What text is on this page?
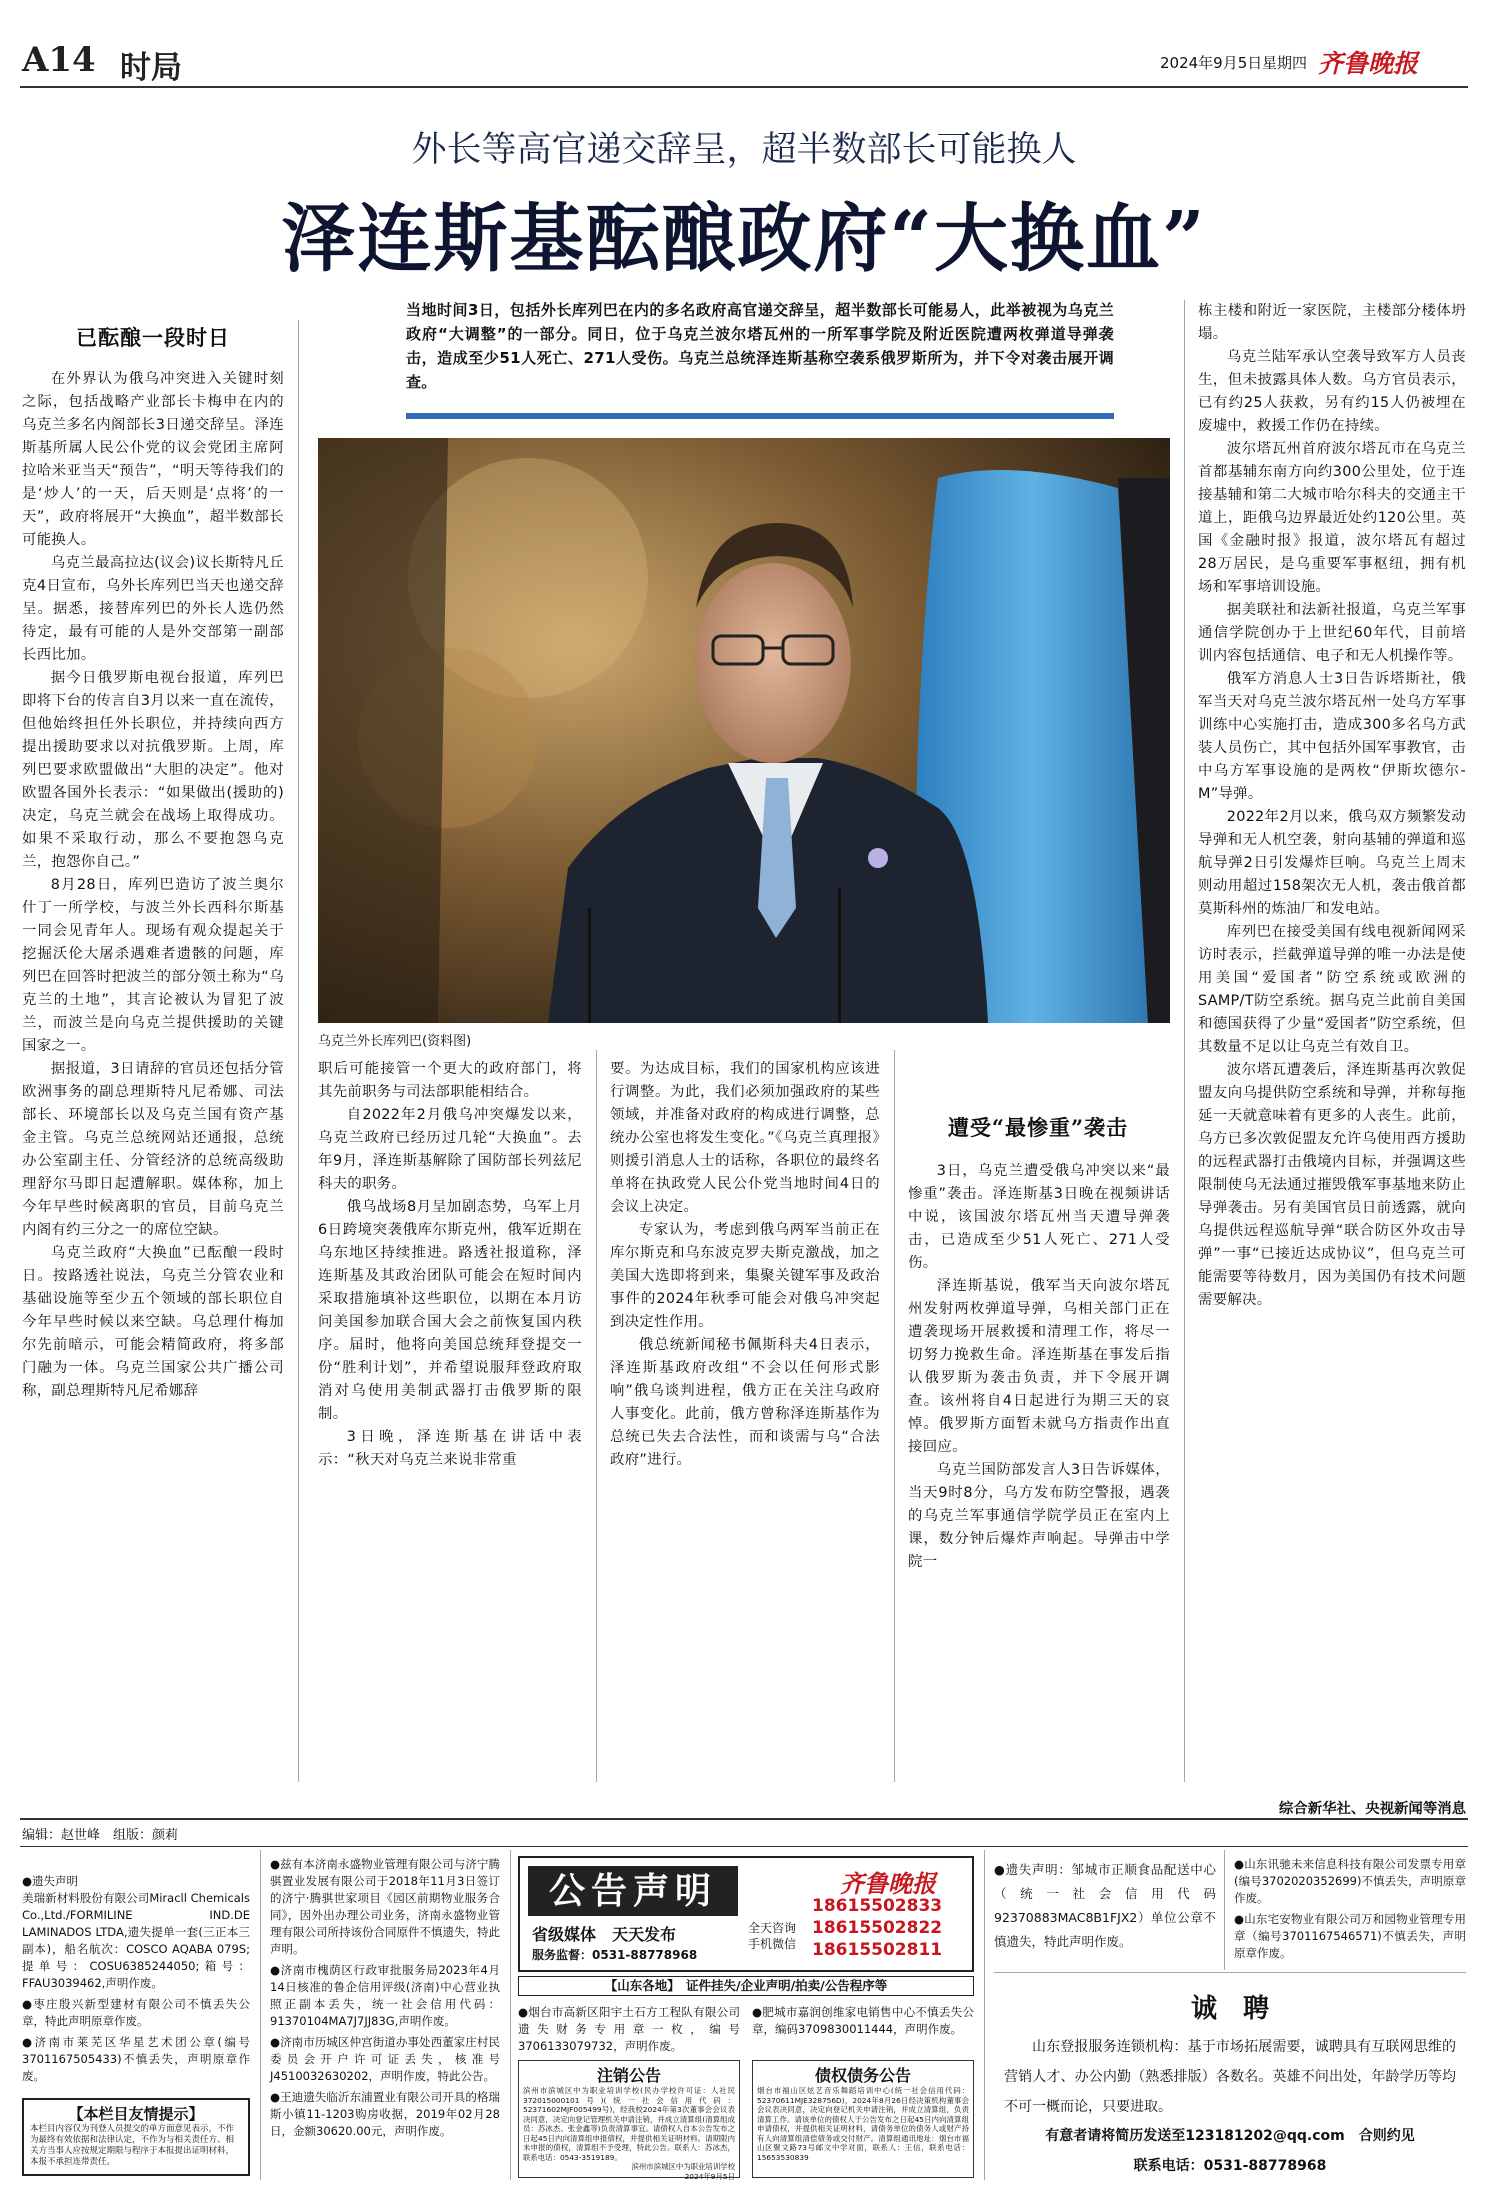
A14 时局	2024年9月5日 星期四 齐鲁晚报
外长等高官递交辞呈，超半数部长可能换人
泽连斯基酝酿政府“大换血”
当地时间3日，包括外长库列巴在内的多名政府高官递交辞呈，超半数部长可能易人，此举被视为乌克兰政府“大调整”的一部分。同日，位于乌克兰波尔塔瓦州的一所军事学院及附近医院遭两枚弹道导弹袭击，造成至少51人死亡、271人受伤。乌克兰总统泽连斯基称空袭系俄罗斯所为，并下令对袭击展开调查。
乌克兰外长库列巴(资料图)
已酝酿一段时日

在外界认为俄乌冲突进入关键时刻之际，包括战略产业部长卡梅申在内的乌克兰多名内阁部长3日递交辞呈。泽连斯基所属人民公仆党的议会党团主席阿拉哈米亚当天“预告”，“明天等待我们的是‘炒人’的一天，后天则是‘点将’的一天”，政府将展开“大换血”，超半数部长可能换人。

乌克兰最高拉达(议会)议长斯特凡丘克4日宣布，乌外长库列巴当天也递交辞呈。据悉，接替库列巴的外长人选仍然待定，最有可能的人是外交部第一副部长西比加。

据今日俄罗斯电视台报道，库列巴即将下台的传言自3月以来一直在流传，但他始终担任外长职位，并持续向西方提出援助要求以对抗俄罗斯。上周，库列巴要求欧盟做出“大胆的决定”。他对欧盟各国外长表示：“如果做出(援助的)决定，乌克兰就会在战场上取得成功。如果不采取行动，那么不要抱怨乌克兰，抱怨你自己。”

8月28日，库列巴造访了波兰奥尔什丁一所学校，与波兰外长西科尔斯基一同会见青年人。现场有观众提起关于挖掘沃伦大屠杀遇难者遗骸的问题，库列巴在回答时把波兰的部分领土称为“乌克兰的土地”，其言论被认为冒犯了波兰，而波兰是向乌克兰提供援助的关键国家之一。

据报道，3日请辞的官员还包括分管欧洲事务的副总理斯特凡尼希娜、司法部长、环境部长以及乌克兰国有资产基金主管。乌克兰总统网站还通报，总统办公室副主任、分管经济的总统高级助理舒尔马即日起遭解职。媒体称，加上今年早些时候离职的官员，目前乌克兰内阁有约三分之一的席位空缺。

乌克兰政府“大换血”已酝酿一段时日。按路透社说法，乌克兰分管农业和基础设施等至少五个领域的部长职位自今年早些时候以来空缺。乌总理什梅加尔先前暗示，可能会精简政府，将多部门融为一体。乌克兰国家公共广播公司称，副总理斯特凡尼希娜辞

职后可能接管一个更大的政府部门，将其先前职务与司法部职能相结合。

自2022年2月俄乌冲突爆发以来，乌克兰政府已经历过几轮“大换血”。去年9月，泽连斯基解除了国防部长列兹尼科夫的职务。

俄乌战场8月呈加剧态势，乌军上月6日跨境突袭俄库尔斯克州，俄军近期在乌东地区持续推进。路透社报道称，泽连斯基及其政治团队可能会在短时间内采取措施填补这些职位，以期在本月访问美国参加联合国大会之前恢复国内秩序。届时，他将向美国总统拜登提交一份“胜利计划”，并希望说服拜登政府取消对乌使用美制武器打击俄罗斯的限制。

3日晚，泽连斯基在讲话中表示：“秋天对乌克兰来说非常重

要。为达成目标，我们的国家机构应该进行调整。为此，我们必须加强政府的某些领域，并准备对政府的构成进行调整，总统办公室也将发生变化。”《乌克兰真理报》则援引消息人士的话称，各职位的最终名单将在执政党人民公仆党当地时间4日的会议上决定。

专家认为，考虑到俄乌两军当前正在库尔斯克和乌东波克罗夫斯克激战，加之美国大选即将到来，集聚关键军事及政治事件的2024年秋季可能会对俄乌冲突起到决定性作用。

俄总统新闻秘书佩斯科夫4日表示，泽连斯基政府改组“不会以任何形式影响”俄乌谈判进程，俄方正在关注乌政府人事变化。此前，俄方曾称泽连斯基作为总统已失去合法性，而和谈需与乌“合法政府”进行。

遭受“最惨重”袭击

3日，乌克兰遭受俄乌冲突以来“最惨重”袭击。泽连斯基3日晚在视频讲话中说，该国波尔塔瓦州当天遭导弹袭击，已造成至少51人死亡、271人受伤。

泽连斯基说，俄军当天向波尔塔瓦州发射两枚弹道导弹，乌相关部门正在遭袭现场开展救援和清理工作，将尽一切努力挽救生命。泽连斯基在事发后指认俄罗斯为袭击负责，并下令展开调查。该州将自4日起进行为期三天的哀悼。俄罗斯方面暂未就乌方指责作出直接回应。

乌克兰国防部发言人3日告诉媒体，当天9时8分，乌方发布防空警报，遇袭的乌克兰军事通信学院学员正在室内上课，数分钟后爆炸声响起。导弹击中学院一

栋主楼和附近一家医院，主楼部分楼体坍塌。

乌克兰陆军承认空袭导致军方人员丧生，但未披露具体人数。乌方官员表示，已有约25人获救，另有约15人仍被埋在废墟中，救援工作仍在持续。

波尔塔瓦州首府波尔塔瓦市在乌克兰首都基辅东南方向约300公里处，位于连接基辅和第二大城市哈尔科夫的交通主干道上，距俄乌边界最近处约120公里。英国《金融时报》报道，波尔塔瓦有超过28万居民，是乌重要军事枢纽，拥有机场和军事培训设施。

据美联社和法新社报道，乌克兰军事通信学院创办于上世纪60年代，目前培训内容包括通信、电子和无人机操作等。

俄军方消息人士3日告诉塔斯社，俄军当天对乌克兰波尔塔瓦州一处乌方军事训练中心实施打击，造成300多名乌方武装人员伤亡，其中包括外国军事教官，击中乌方军事设施的是两枚“伊斯坎德尔-M”导弹。

2022年2月以来，俄乌双方频繁发动导弹和无人机空袭，射向基辅的弹道和巡航导弹2日引发爆炸巨响。乌克兰上周末则动用超过158架次无人机，袭击俄首都莫斯科州的炼油厂和发电站。

库列巴在接受美国有线电视新闻网采访时表示，拦截弹道导弹的唯一办法是使用美国“爱国者”防空系统或欧洲的SAMP/T防空系统。据乌克兰此前自美国和德国获得了少量“爱国者”防空系统，但其数量不足以让乌克兰有效自卫。

波尔塔瓦遭袭后，泽连斯基再次敦促盟友向乌提供防空系统和导弹，并称每拖延一天就意味着有更多的人丧生。此前，乌方已多次敦促盟友允许乌使用西方援助的远程武器打击俄境内目标，并强调这些限制使乌无法通过摧毁俄军事基地来防止导弹袭击。另有美国官员日前透露，就向乌提供远程巡航导弹“联合防区外攻击导弹”一事“已接近达成协议”，但乌克兰可能需要等待数月，因为美国仍有技术问题需要解决。

综合新华社、央视新闻等消息
编辑：赵世峰　组版：颜莉

●遗失声明
美瑞新材料股份有限公司Miracll Chemicals Co.,Ltd./FORMILINE IND.DE LAMINADOS LTDA,遗失提单一套(三正本三副本)，船名航次：COSCO AQABA 079S;提单号：COSU6385244050;箱号：FFAU3039462,声明作废。

●枣庄殷兴新型建材有限公司不慎丢失公章，特此声明原章作废。

●济南市莱芜区华星艺术团公章(编号3701167505433)不慎丢失，声明原章作废。

【本栏目友情提示】
本栏目内容仅为刊登人员提交的单方面意见表示，不作为最终有效依据和法律认定，不作为与相关责任方、相关方当事人应按规定期限与程序于本报提出证明材料，本报不承担连带责任。

●兹有本济南永盛物业管理有限公司与济宁腾骐置业发展有限公司于2018年11月3日签订的济宁·腾骐世家项目《园区前期物业服务合同》，因外出办理公司业务，济南永盛物业管理有限公司所持该份合同原件不慎遗失，特此声明。

●济南市槐荫区行政审批服务局2023年4月14日核准的鲁企信用评级(济南)中心营业执照正副本丢失，统一社会信用代码：91370104MA7J7JJ83G,声明作废。

●济南市历城区仲宫街道办事处西董家庄村民委员会开户许可证丢失，核准号J4510032630202，声明作废，特此公告。

●王迪遗失临沂东浦置业有限公司开具的格瑞斯小镇11-1203购房收据，2019年02月28日，金额30620.00元，声明作废。

公告声明	齐鲁晚报
省级媒体　天天发布
服务监督：0531-88778968
全天咨询
手机微信
18615502833
18615502822
18615502811
【山东各地】　证件挂失/企业声明/拍卖/公告程序等
●烟台市高新区阳宇土石方工程队有限公司遗失财务专用章一枚，编号3706133079732，声明作废。
●肥城市嘉润创维家电销售中心不慎丢失公章，编码3709830011444，声明作废。
注销公告
滨州市滨城区中为职业培训学校(民办学校许可证：人社民372015000101号)(统一社会信用代码：52371602MJF005499号)，经我校2024年第3次董事会会议表决同意，决定向登记管理机关申请注销，并成立清算组(清算组成员：苏冰杰、张金鑫等)负责清算事宜。请债权人自本公告发布之日起45日内向清算组申报债权，并提供相关证明材料。请期限内未申报的债权，清算组不予受理，特此公告。联系人：苏冰杰，联系电话：0543-3519189。
滨州市滨城区中为职业培训学校
2024年9月5日
债权债务公告
烟台市福山区炫艺音乐舞蹈培训中心(统一社会信用代码：52370611MJE328756D)，2024年8月26日经决策机构董事会会议表决同意，决定向登记机关申请注销，并成立清算组，负责清算工作。请该单位的债权人于公告发布之日起45日内向清算组申请债权，并提供相关证明材料，请债务单位的债务人或财产持有人向清算组清偿债务或交付财产。清算组通讯地址：烟台市福山区聚文路73号邮文中学对面，联系人：王信，联系电话：15653530839
●遗失声明：邹城市正顺食品配送中心（统一社会信用代码92370883MAC8B1FJX2）单位公章不慎遗失，特此声明作废。

●山东讯驰未来信息科技有限公司发票专用章(编号3702020352699)不慎丢失，声明原章作废。

●山东宅安物业有限公司万和园物业管理专用章（编号3701167546571)不慎丢失，声明原章作废。

诚　聘
山东登报服务连锁机构：基于市场拓展需要，诚聘具有互联网思维的营销人才、办公内勤（熟悉排版）各数名。英雄不问出处，年龄学历等均不可一概而论，只要进取。
有意者请将简历发送至123181202@qq.com　合则约见
联系电话：0531-88778968
